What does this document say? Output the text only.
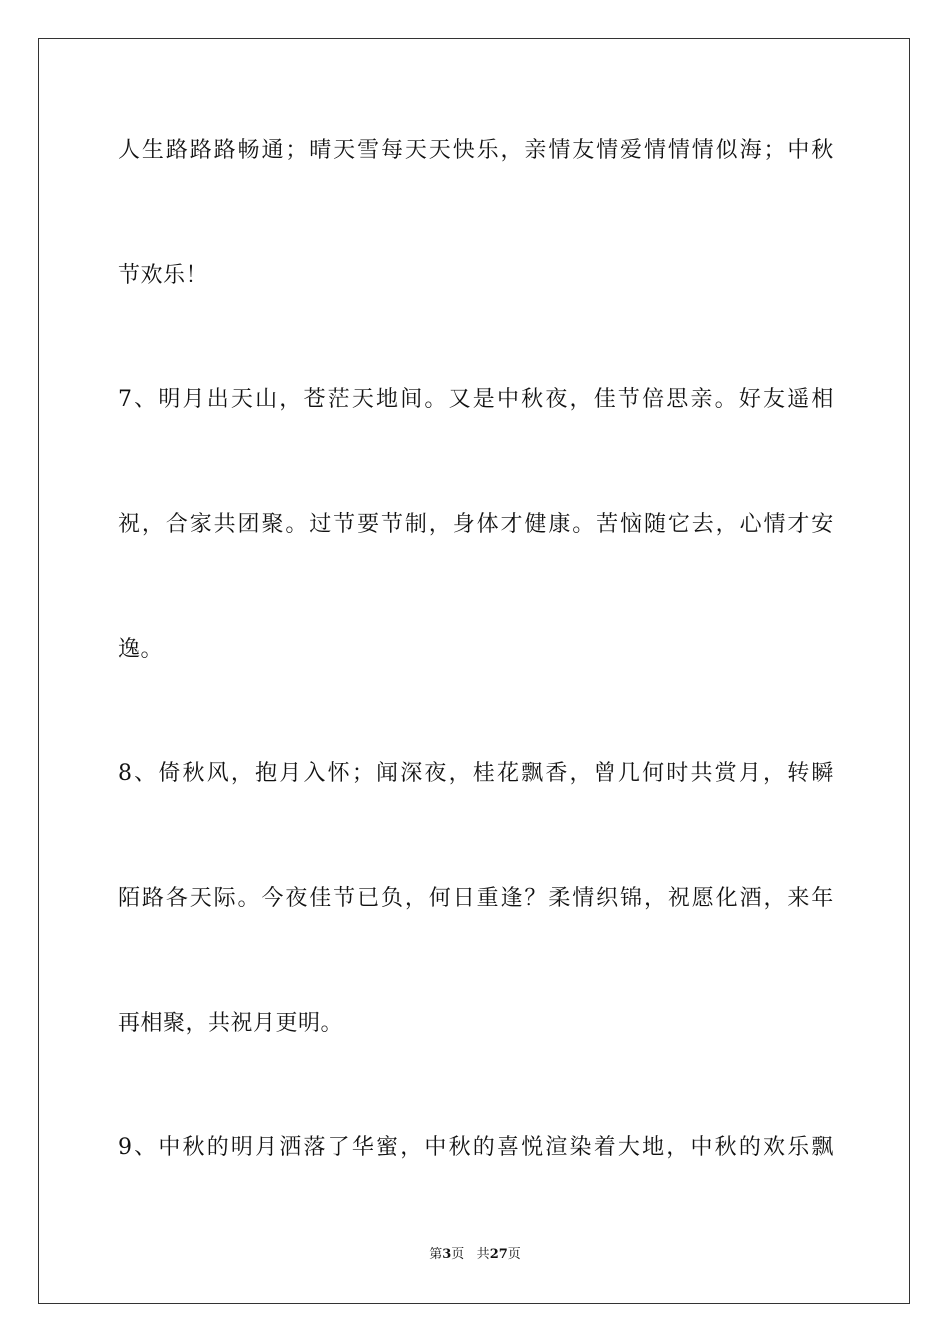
人 生 路 路 路 畅 通 ； 晴 天 雪 每 天 天 快 乐 ， 亲 情 友 情 爱 情 情 情 似 海 ； 中 秋
节欢乐！
7 、 明 月 出 天 山 ， 苍 茫 天 地 间 。 又 是 中 秋 夜 ， 佳 节 倍 思 亲 。 好 友 遥 相
祝 ， 合 家 共 团 聚 。 过 节 要 节 制 ， 身 体 才 健 康 。 苦 恼 随 它 去 ， 心 情 才 安
逸。
8 、 倚 秋 风 ， 抱 月 入 怀 ； 闻 深 夜 ， 桂 花 飘 香 ， 曾 几 何 时 共 赏 月 ， 转 瞬
陌 路 各 天 际 。 今 夜 佳 节 已 负 ， 何 日 重 逢 ？ 柔 情 织 锦 ， 祝 愿 化 酒 ， 来 年
再相聚，共祝月更明。
9 、 中 秋 的 明 月 洒 落 了 华 蜜 ， 中 秋 的 喜 悦 渲 染 着 大 地 ， 中 秋 的 欢 乐 飘
第3页 共27页
